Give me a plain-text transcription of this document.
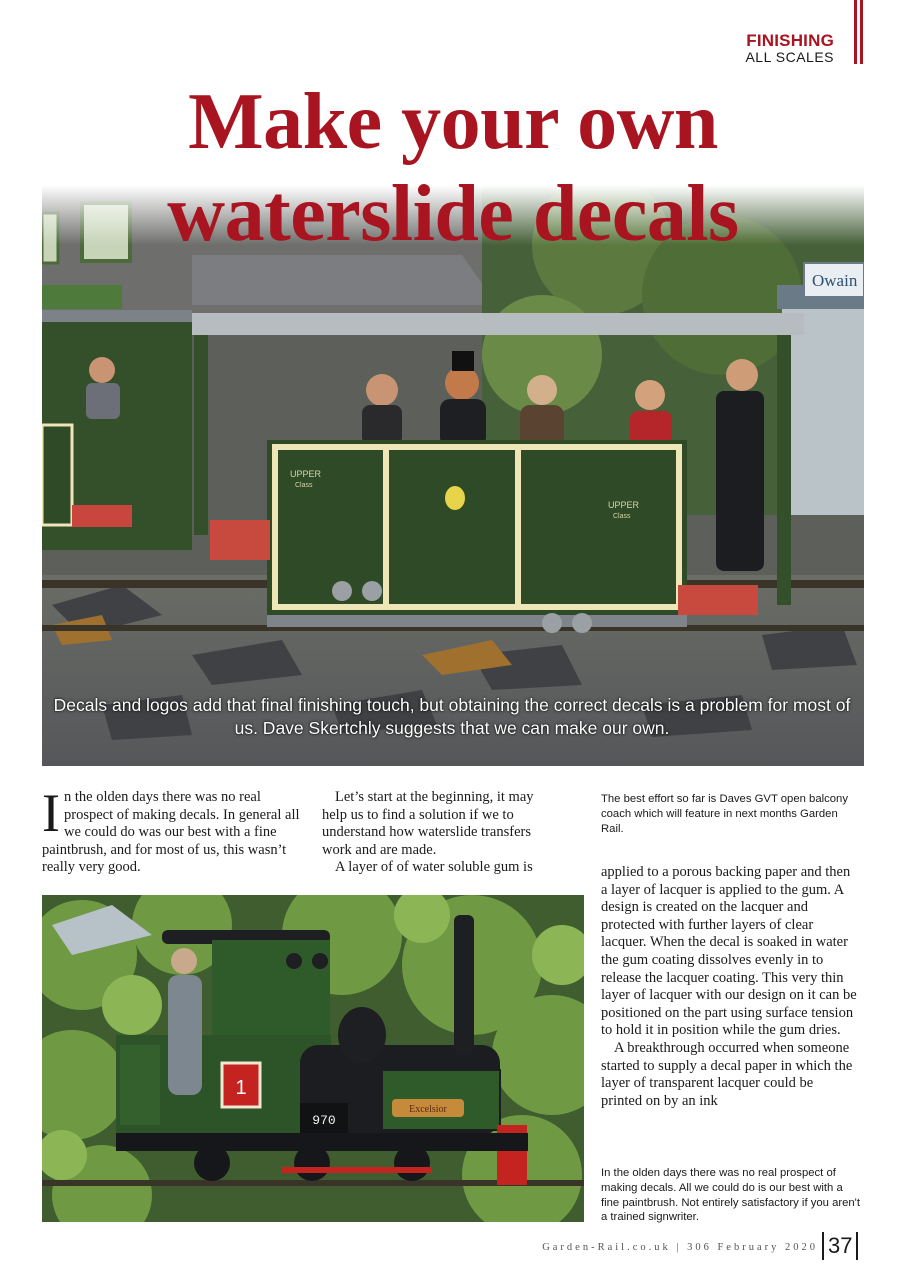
FINISHING
ALL SCALES
Owain
UPPER
Class
UPPER
Class
Make your own
waterslide decals
Decals and logos add that final finishing touch, but obtaining the correct decals is a problem for most of us. Dave Skertchly suggests that we can make our own.

In the olden days there was no real prospect of making decals. In general all we could do was our best with a fine paintbrush, and for most of us, this wasn’t really very good.

Let’s start at the beginning, it may help us to find a solution if we to understand how waterslide transfers work and are made.

A layer of of water soluble gum is

The best effort so far is Daves GVT open balcony coach which will feature in next months Garden Rail.

applied to a porous backing paper and then a layer of lacquer is applied to the gum. A design is created on the lacquer and protected with further layers of clear lacquer. When the decal is soaked in water the gum coating dissolves evenly in to release the lacquer coating. This very thin layer of lacquer with our design on it can be positioned on the part using surface tension to hold it in position while the gum dries.

A breakthrough occurred when someone started to supply a decal paper in which the layer of transparent lacquer could be printed on by an ink

1
Excelsior
970
In the olden days there was no real prospect of making decals. All we could do is our best with a fine paintbrush. Not entirely satisfactory if you aren't a trained signwriter.
Garden-Rail.co.uk | 306 February 2020 37
